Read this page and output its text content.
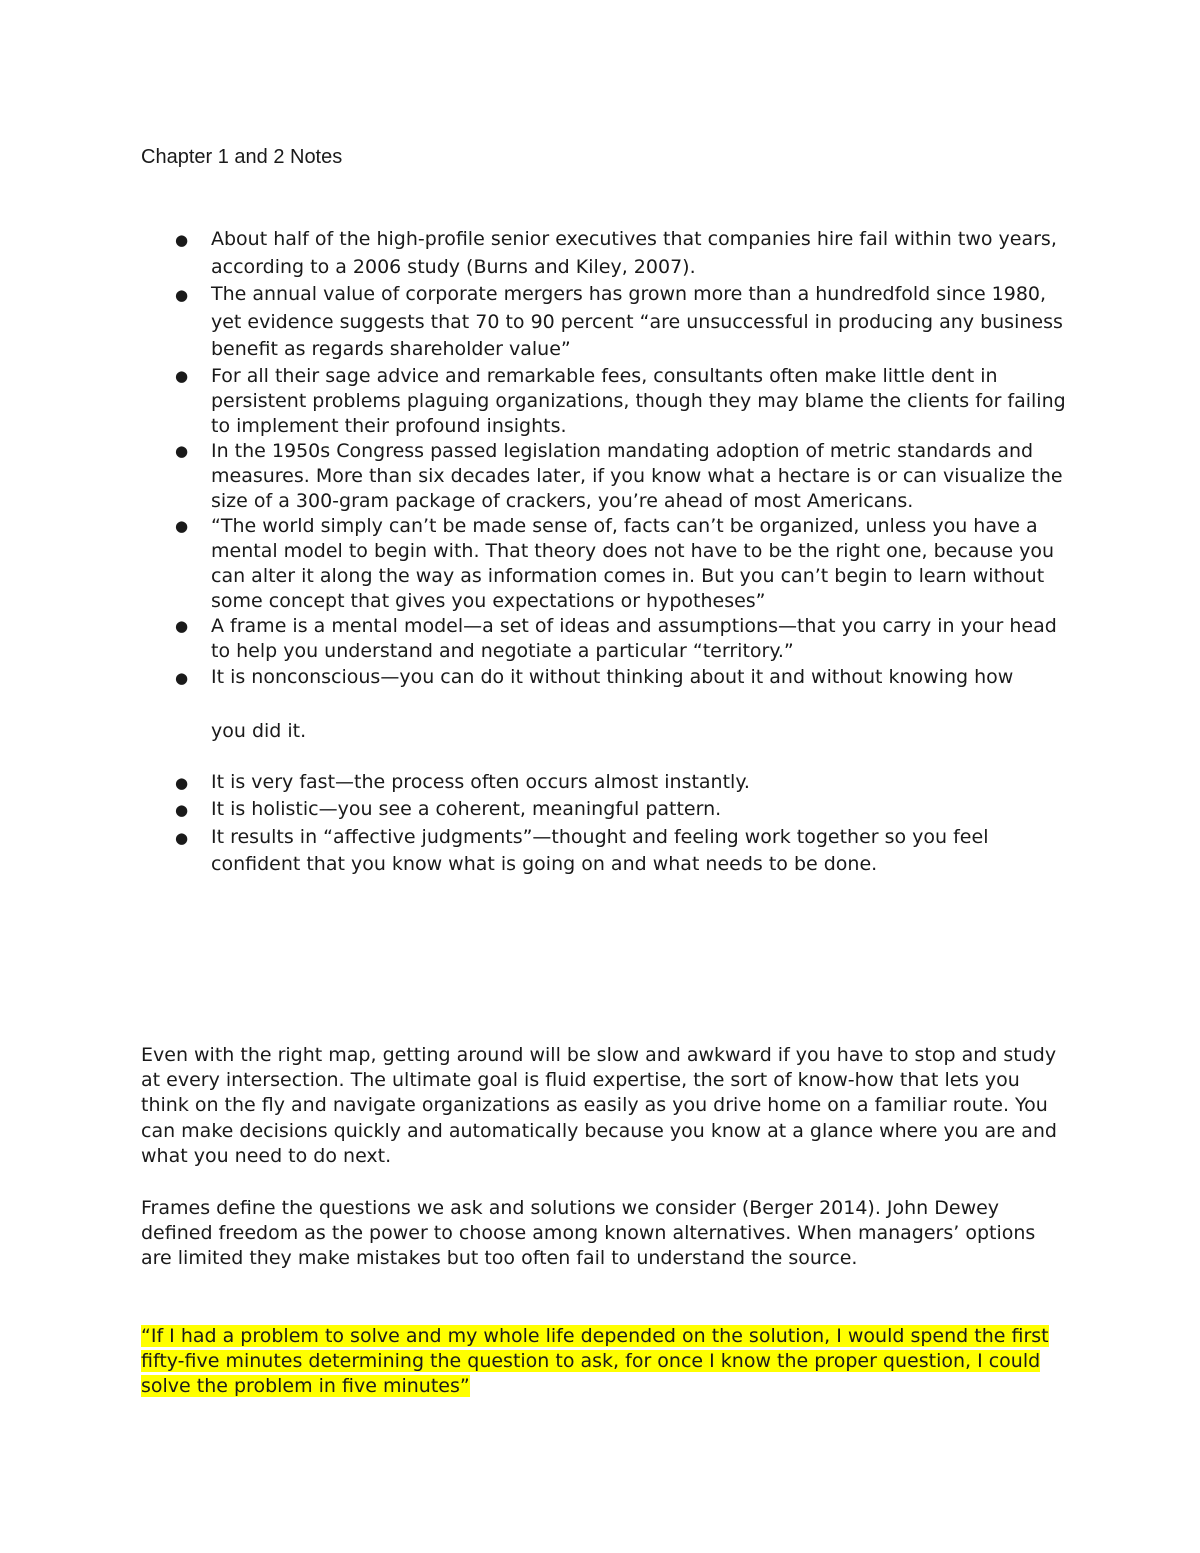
Chapter 1 and 2 Notes
● About half of the high-profile senior executives that companies hire fail within two years, according to a 2006 study (Burns and Kiley, 2007).
● The annual value of corporate mergers has grown more than a hundredfold since 1980, yet evidence suggests that 70 to 90 percent “are unsuccessful in producing any business benefit as regards shareholder value”
● For all their sage advice and remarkable fees, consultants often make little dent in persistent problems plaguing organizations, though they may blame the clients for failing to implement their profound insights.
● In the 1950s Congress passed legislation mandating adoption of metric standards and measures. More than six decades later, if you know what a hectare is or can visualize the size of a 300-gram package of crackers, you’re ahead of most Americans.
● “The world simply can’t be made sense of, facts can’t be organized, unless you have a mental model to begin with. That theory does not have to be the right one, because you can alter it along the way as information comes in. But you can’t begin to learn without some concept that gives you expectations or hypotheses”
● A frame is a mental model—a set of ideas and assumptions—that you carry in your head to help you understand and negotiate a particular “territory.”
● It is nonconscious—you can do it without thinking about it and without knowing how
you did it.
● It is very fast—the process often occurs almost instantly.
● It is holistic—you see a coherent, meaningful pattern.
● It results in “affective judgments”—thought and feeling work together so you feel confident that you know what is going on and what needs to be done.

Even with the right map, getting around will be slow and awkward if you have to stop and study at every intersection. The ultimate goal is fluid expertise, the sort of know-how that lets you think on the fly and navigate organizations as easily as you drive home on a familiar route. You can make decisions quickly and automatically because you know at a glance where you are and what you need to do next.

Frames define the questions we ask and solutions we consider (Berger 2014). John Dewey defined freedom as the power to choose among known alternatives. When managers’ options are limited they make mistakes but too often fail to understand the source.

“If I had a problem to solve and my whole life depended on the solution, I would spend the first fifty-five minutes determining the question to ask, for once I know the proper question, I could solve the problem in five minutes”
